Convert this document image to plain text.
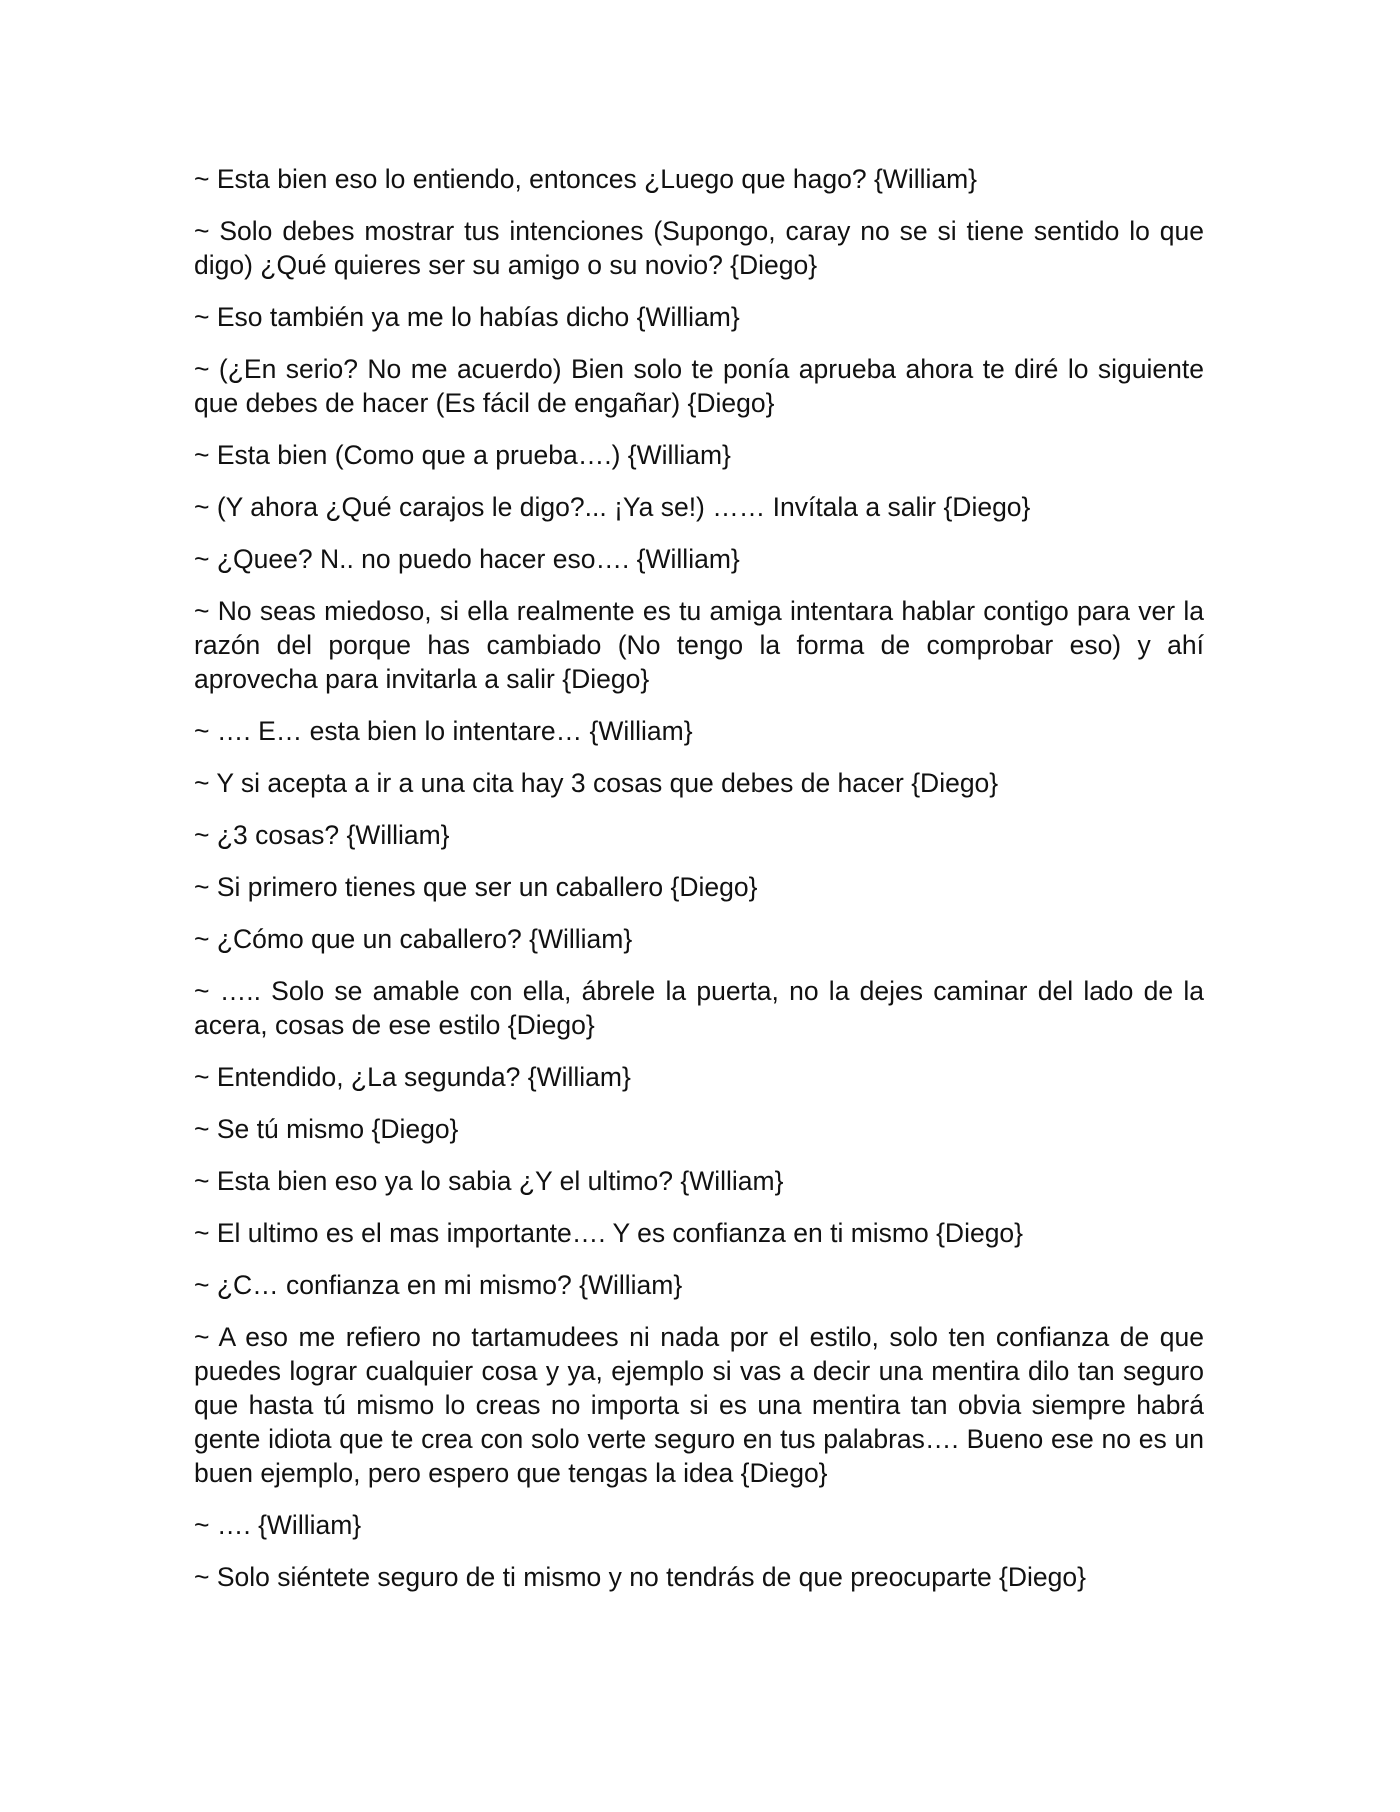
~ Esta bien eso lo entiendo, entonces ¿Luego que hago? {William}

~ Solo debes mostrar tus intenciones (Supongo, caray no se si tiene sentido lo que digo) ¿Qué quieres ser su amigo o su novio? {Diego}

~ Eso también ya me lo habías dicho {William}

~ (¿En serio? No me acuerdo) Bien solo te ponía aprueba ahora te diré lo siguiente que debes de hacer (Es fácil de engañar) {Diego}

~ Esta bien (Como que a prueba….) {William}

~ (Y ahora ¿Qué carajos le digo?... ¡Ya se!) …… Invítala a salir {Diego}

~ ¿Quee? N.. no puedo hacer eso…. {William}

~ No seas miedoso, si ella realmente es tu amiga intentara hablar contigo para ver la razón del porque has cambiado (No tengo la forma de comprobar eso) y ahí aprovecha para invitarla a salir {Diego}

~ …. E… esta bien lo intentare… {William}

~ Y si acepta a ir a una cita hay 3 cosas que debes de hacer {Diego}

~ ¿3 cosas? {William}

~ Si primero tienes que ser un caballero {Diego}

~ ¿Cómo que un caballero? {William}

~ ….. Solo se amable con ella, ábrele la puerta, no la dejes caminar del lado de la acera, cosas de ese estilo {Diego}

~ Entendido, ¿La segunda? {William}

~ Se tú mismo {Diego}

~ Esta bien eso ya lo sabia ¿Y el ultimo? {William}

~ El ultimo es el mas importante…. Y es confianza en ti mismo {Diego}

~ ¿C… confianza en mi mismo? {William}

~ A eso me refiero no tartamudees ni nada por el estilo, solo ten confianza de que puedes lograr cualquier cosa y ya, ejemplo si vas a decir una mentira dilo tan seguro que hasta tú mismo lo creas no importa si es una mentira tan obvia siempre habrá gente idiota que te crea con solo verte seguro en tus palabras…. Bueno ese no es un buen ejemplo, pero espero que tengas la idea {Diego}

~ …. {William}

~ Solo siéntete seguro de ti mismo y no tendrás de que preocuparte {Diego}
